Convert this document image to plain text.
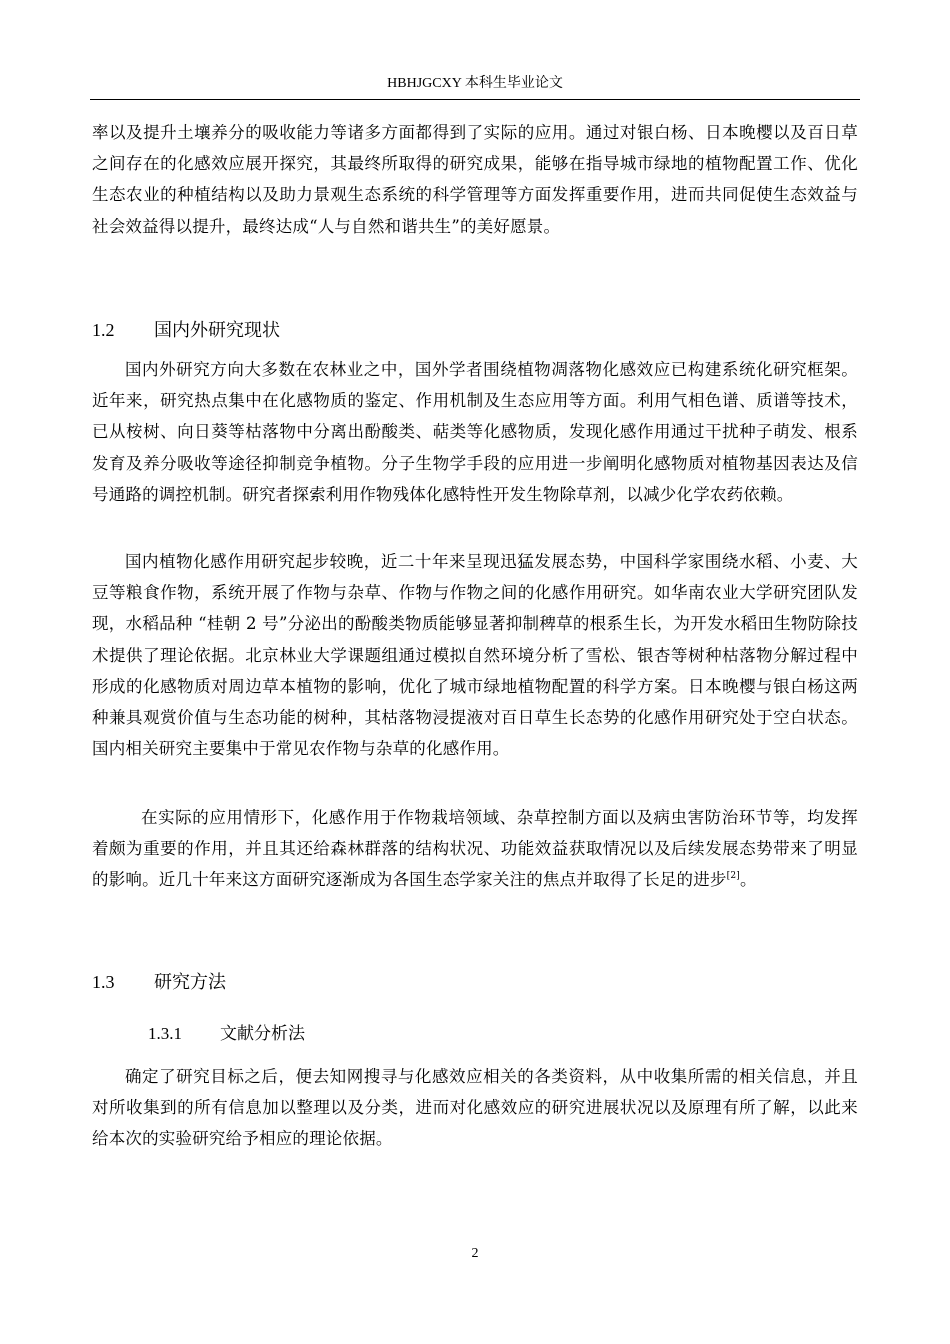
HBHJGCXY 本科生毕业论文

率以及提升土壤养分的吸收能力等诸多方面都得到了实际的应用。通过对银白杨、日本晚樱以及百日草之间存在的化感效应展开探究，其最终所取得的研究成果，能够在指导城市绿地的植物配置工作、优化生态农业的种植结构以及助力景观生态系统的科学管理等方面发挥重要作用，进而共同促使生态效益与社会效益得以提升，最终达成“人与自然和谐共生”的美好愿景。

1.2 国内外研究现状

国内外研究方向大多数在农林业之中，国外学者围绕植物凋落物化感效应已构建系统化研究框架。近年来，研究热点集中在化感物质的鉴定、作用机制及生态应用等方面。利用气相色谱、质谱等技术，已从桉树、向日葵等枯落物中分离出酚酸类、萜类等化感物质，发现化感作用通过干扰种子萌发、根系发育及养分吸收等途径抑制竞争植物。分子生物学手段的应用进一步阐明化感物质对植物基因表达及信号通路的调控机制。研究者探索利用作物残体化感特性开发生物除草剂，以减少化学农药依赖。

国内植物化感作用研究起步较晚，近二十年来呈现迅猛发展态势，中国科学家围绕水稻、小麦、大豆等粮食作物，系统开展了作物与杂草、作物与作物之间的化感作用研究。如华南农业大学研究团队发现，水稻品种 “桂朝 2 号”分泌出的酚酸类物质能够显著抑制稗草的根系生长，为开发水稻田生物防除技术提供了理论依据。北京林业大学课题组通过模拟自然环境分析了雪松、银杏等树种枯落物分解过程中形成的化感物质对周边草本植物的影响，优化了城市绿地植物配置的科学方案。日本晚樱与银白杨这两种兼具观赏价值与生态功能的树种，其枯落物浸提液对百日草生长态势的化感作用研究处于空白状态。国内相关研究主要集中于常见农作物与杂草的化感作用。

在实际的应用情形下，化感作用于作物栽培领域、杂草控制方面以及病虫害防治环节等，均发挥着颇为重要的作用，并且其还给森林群落的结构状况、功能效益获取情况以及后续发展态势带来了明显的影响。近几十年来这方面研究逐渐成为各国生态学家关注的焦点并取得了长足的进步[2]。

1.3 研究方法
1.3.1 文献分析法

确定了研究目标之后，便去知网搜寻与化感效应相关的各类资料，从中收集所需的相关信息，并且对所收集到的所有信息加以整理以及分类，进而对化感效应的研究进展状况以及原理有所了解，以此来给本次的实验研究给予相应的理论依据。

2
